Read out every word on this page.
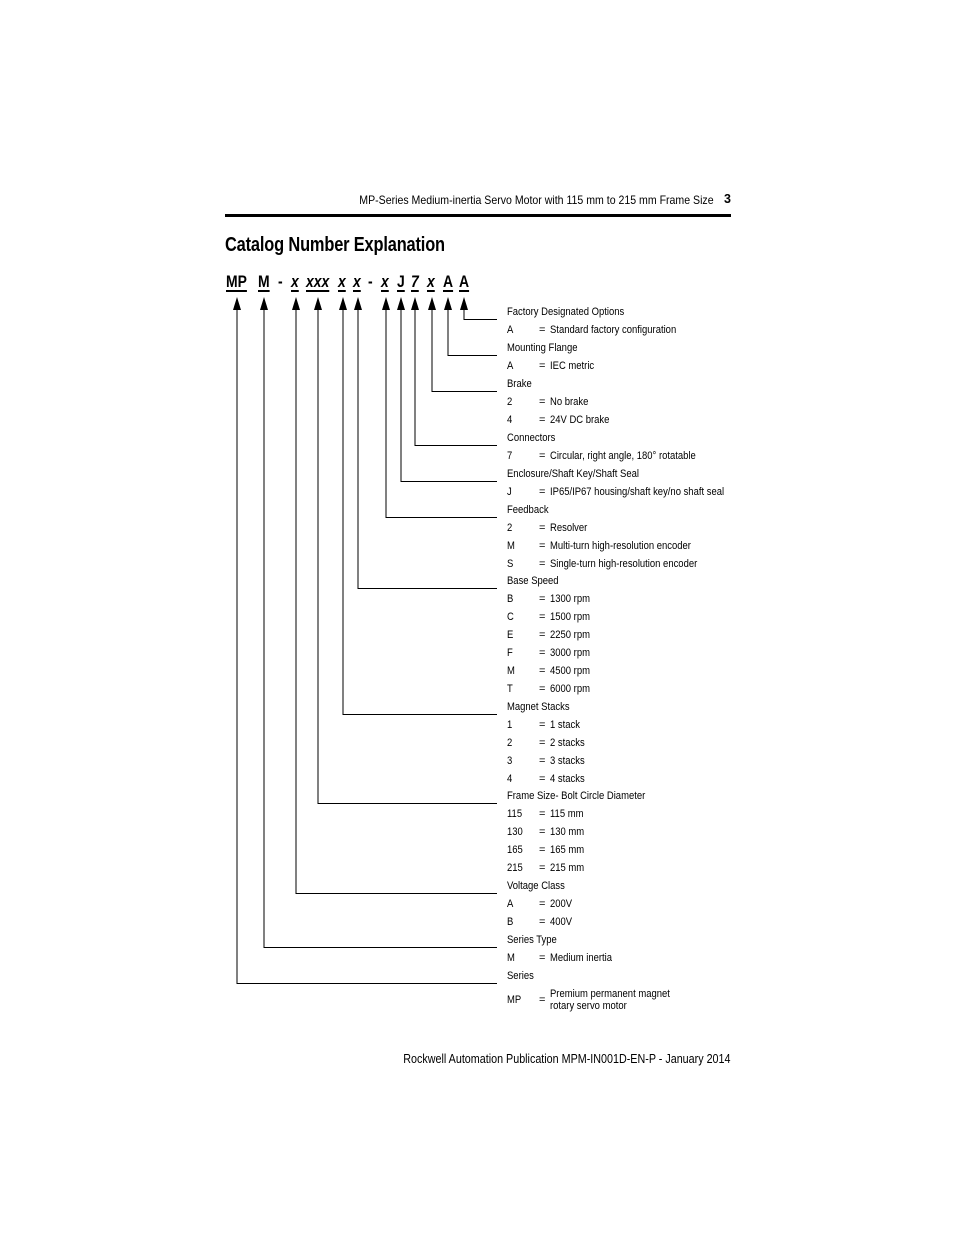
MP-Series Medium-inertia Servo Motor with 115 mm to 215 mm Frame Size 3
Catalog Number Explanation
MP M - x xxx x x - x J 7 x A A
Factory Designated Options
A = Standard factory configuration
Mounting Flange
A = IEC metric
Brake
2 = No brake
4 = 24V DC brake
Connectors
7 = Circular, right angle, 180° rotatable
Enclosure/Shaft Key/Shaft Seal
J = IP65/IP67 housing/shaft key/no shaft seal
Feedback
2 = Resolver
M = Multi-turn high-resolution encoder
S = Single-turn high-resolution encoder
Base Speed
B = 1300 rpm
C = 1500 rpm
E = 2250 rpm
F = 3000 rpm
M = 4500 rpm
T = 6000 rpm
Magnet Stacks
1 = 1 stack
2 = 2 stacks
3 = 3 stacks
4 = 4 stacks
Frame Size- Bolt Circle Diameter
115 = 115 mm
130 = 130 mm
165 = 165 mm
215 = 215 mm
Voltage Class
A = 200V
B = 400V
Series Type
M = Medium inertia
Series
MP = Premium permanent magnet
rotary servo motor
Rockwell Automation Publication MPM-IN001D-EN-P - January 2014
